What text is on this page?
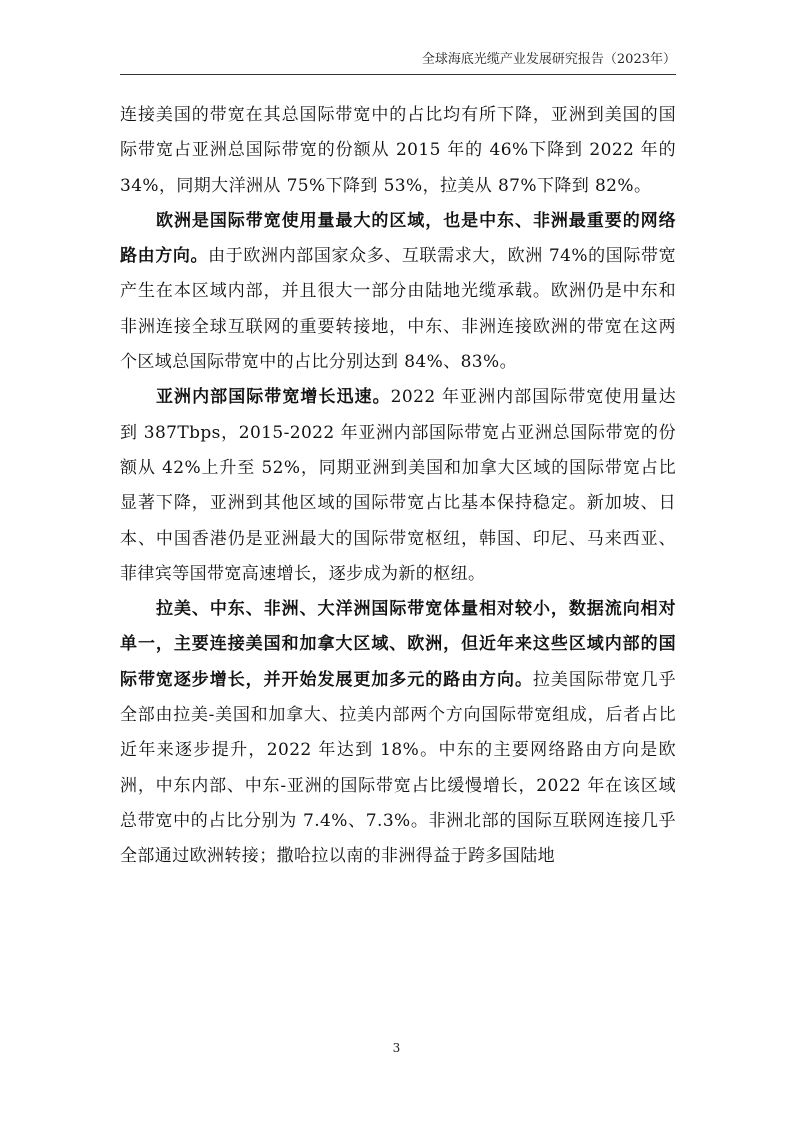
全球海底光缆产业发展研究报告（2023年）

连接美国的带宽在其总国际带宽中的占比均有所下降，亚洲到美国的国际带宽占亚洲总国际带宽的份额从 2015 年的 46%下降到 2022 年的 34%，同期大洋洲从 75%下降到 53%，拉美从 87%下降到 82%。

欧洲是国际带宽使用量最大的区域，也是中东、非洲最重要的网络路由方向。由于欧洲内部国家众多、互联需求大，欧洲 74%的国际带宽产生在本区域内部，并且很大一部分由陆地光缆承载。欧洲仍是中东和非洲连接全球互联网的重要转接地，中东、非洲连接欧洲的带宽在这两个区域总国际带宽中的占比分别达到 84%、83%。

亚洲内部国际带宽增长迅速。2022 年亚洲内部国际带宽使用量达到 387Tbps，2015-2022 年亚洲内部国际带宽占亚洲总国际带宽的份额从 42%上升至 52%，同期亚洲到美国和加拿大区域的国际带宽占比显著下降，亚洲到其他区域的国际带宽占比基本保持稳定。新加坡、日本、中国香港仍是亚洲最大的国际带宽枢纽，韩国、印尼、马来西亚、菲律宾等国带宽高速增长，逐步成为新的枢纽。

拉美、中东、非洲、大洋洲国际带宽体量相对较小，数据流向相对单一，主要连接美国和加拿大区域、欧洲，但近年来这些区域内部的国际带宽逐步增长，并开始发展更加多元的路由方向。拉美国际带宽几乎全部由拉美-美国和加拿大、拉美内部两个方向国际带宽组成，后者占比近年来逐步提升，2022 年达到 18%。中东的主要网络路由方向是欧洲，中东内部、中东-亚洲的国际带宽占比缓慢增长，2022 年在该区域总带宽中的占比分别为 7.4%、7.3%。非洲北部的国际互联网连接几乎全部通过欧洲转接；撒哈拉以南的非洲得益于跨多国陆地

3
